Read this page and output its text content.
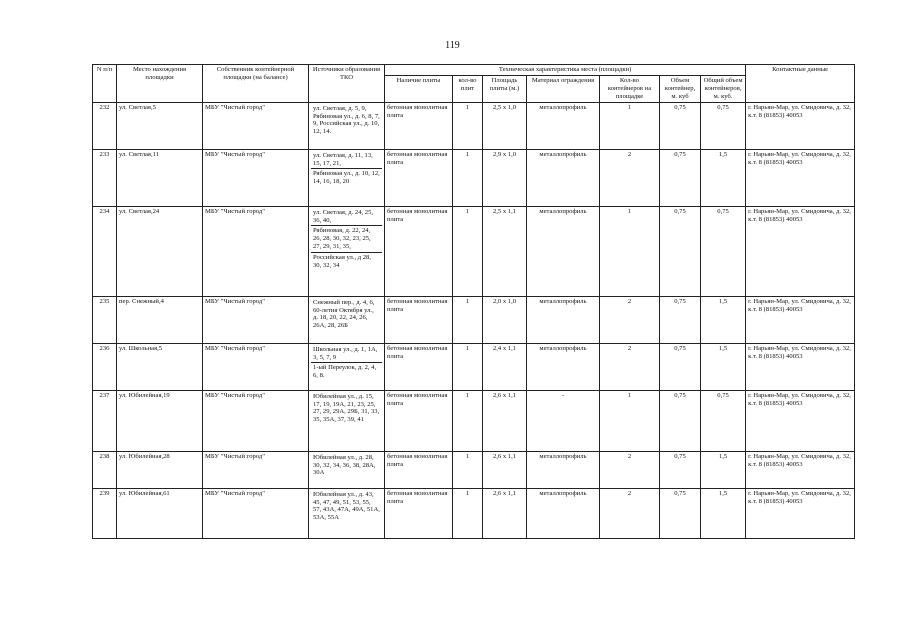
119
N п/п	Место нахождения площадки	Собственник контейнерной площадки (на балансе)	Источники образования ТКО	Техническая характеристика места (площадки)							Контактные данные
				Наличие плиты	кол-во плит	Площадь плиты (м.)	Материал ограждения	Кол-во контейнеров на площадке	Объем контейнер, м. куб	Общий объем контейнеров, м. куб.	
232	ул. Светлая,5	МБУ "Чистый город"	ул. Светлая, д. 5, 9, Рябиновая ул., д. 6, 8, 7, 9, Российская ул., д. 10, 12, 14.	бетонная монолитная плита	1	2,5 х 1,0	металлопрофиль	1	0,75	0,75	г. Нарьян-Мар, ул. Смидовича, д. 32, к.т. 8 (81853) 40053
233	ул. Светлая,11	МБУ "Чистый город"	ул. Светлая, д. 11, 13, 15, 17, 21,
Рябиновая ул., д. 10, 12, 14, 16, 18, 20	бетонная монолитная плита	1	2,9 х 1,0	металлопрофиль	2	0,75	1,5	г. Нарьян-Мар, ул. Смидовича, д. 32, к.т. 8 (81853) 40053
234	ул. Светлая,24	МБУ "Чистый город"	ул. Светлая, д. 24, 25, 36, 40,
Рябиновая, д. 22, 24, 26, 28, 30, 32, 23, 25, 27, 29, 31, 35,
Российская ул., д 28, 30, 32, 34	бетонная монолитная плита	1	2,5 х 1,1	металлопрофиль	1	0,75	0,75	г. Нарьян-Мар, ул. Смидовича, д. 32, к.т. 8 (81853) 40053
235	пер. Снежный,4	МБУ "Чистый город"	Снежный пер., д. 4, 6, 60-летия Октября ул., д. 18, 20, 22, 24, 26, 26А, 28, 26Б	бетонная монолитная плита	1	2,0 х 1,0	металлопрофиль	2	0,75	1,5	г. Нарьян-Мар, ул. Смидовича, д. 32, к.т. 8 (81853) 40053
236	ул. Школьная,5	МБУ "Чистый город"	Школьная ул., д. 1, 1А, 3, 5, 7, 9
1-ый Переулок, д. 2, 4, 6, 8.	бетонная монолитная плита	1	2,4 х 1,1	металлопрофиль	2	0,75	1,5	г. Нарьян-Мар, ул. Смидовича, д. 32, к.т. 8 (81853) 40053
237	ул. Юбилейная,19	МБУ "Чистый город"	Юбилейная ул., д. 15, 17, 19, 19А, 21, 23, 25, 27, 29, 29А, 29Б, 31, 33, 35, 35А, 37, 39, 41	бетонная монолитная плита	1	2,6 х 1,1	-	1	0,75	0,75	г. Нарьян-Мар, ул. Смидовича, д. 32, к.т. 8 (81853) 40053
238	ул. Юбилейная,28	МБУ "Чистый город"	Юбилейная ул., д. 28, 30, 32, 34, 36, 38, 28А, 30А	бетонная монолитная плита	1	2,6 х 1,1	металлопрофиль	2	0,75	1,5	г. Нарьян-Мар, ул. Смидовича, д. 32, к.т. 8 (81853) 40053
239	ул. Юбилейная,61	МБУ "Чистый город"	Юбилейная ул., д. 43, 45, 47, 49, 51, 53, 55, 57, 43А, 47А, 49А, 51А, 53А, 55А	бетонная монолитная плита	1	2,6 х 1,1	металлопрофиль	2	0,75	1,5	г. Нарьян-Мар, ул. Смидовича, д. 32, к.т. 8 (81853) 40053
